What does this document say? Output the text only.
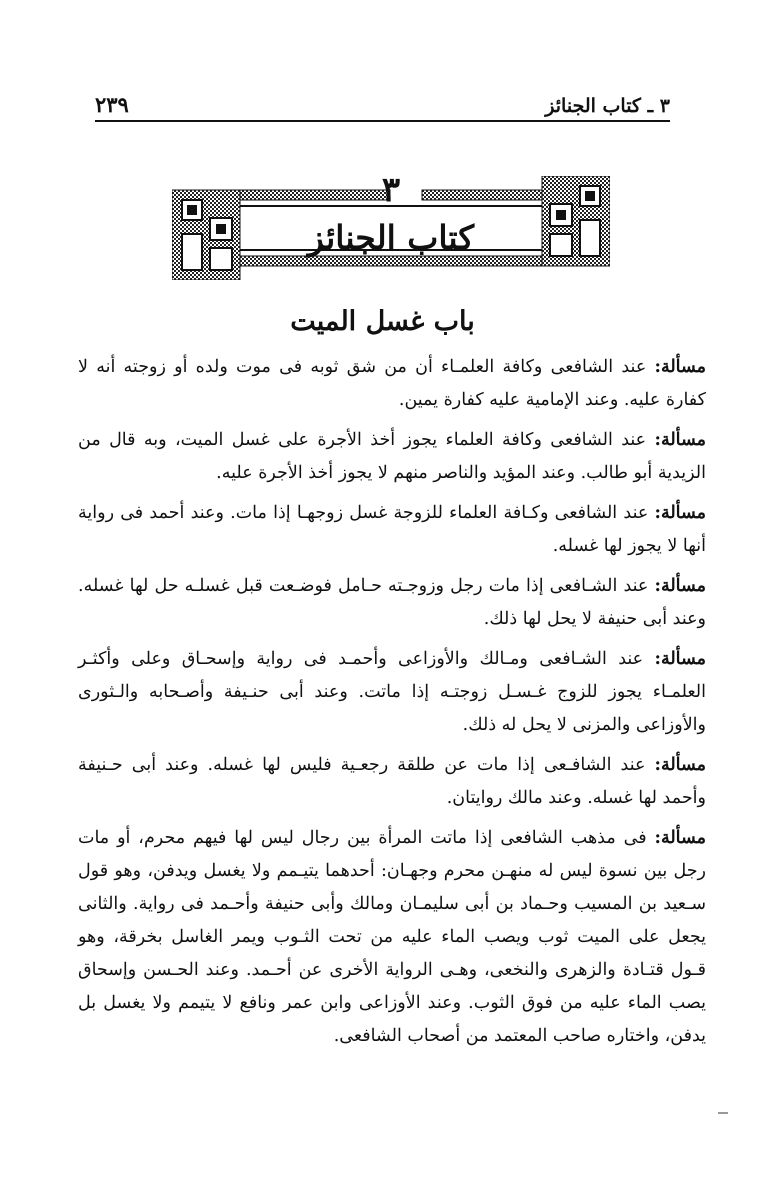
٣ ـ كتاب الجنائز
٢٣٩
٣
كتاب الجنائز
باب غسل الميت

مسألة: عند الشافعى وكافة العلمـاء أن من شق ثوبه فى موت ولده أو زوجته أنه لا كفارة عليه. وعند الإمامية عليه كفارة يمين.

مسألة: عند الشافعى وكافة العلماء يجوز أخذ الأجرة على غسل الميت، وبه قال من الزيدية أبو طالب. وعند المؤيد والناصر منهم لا يجوز أخذ الأجرة عليه.

مسألة: عند الشافعى وكـافة العلماء للزوجة غسل زوجهـا إذا مات. وعند أحمد فى رواية أنها لا يجوز لها غسله.

مسألة: عند الشـافعى إذا مات رجل وزوجـته حـامل فوضـعت قبل غسلـه حل لها غسله. وعند أبى حنيفة لا يحل لها ذلك.

مسألة: عند الشـافعى ومـالك والأوزاعى وأحمـد فى رواية وإسحـاق وعلى وأكثـر العلمـاء يجوز للزوج غـسـل زوجتـه إذا ماتت. وعند أبى حنـيفة وأصـحابه والـثورى والأوزاعى والمزنى لا يحل له ذلك.

مسألة: عند الشافـعى إذا مات عن طلقة رجعـية فليس لها غسله. وعند أبى حـنيفة وأحمد لها غسله. وعند مالك روايتان.

مسألة: فى مذهب الشافعى إذا ماتت المرأة بين رجال ليس لها فيهم محرم، أو مات رجل بين نسوة ليس له منهـن محرم وجهـان: أحدهما يتيـمم ولا يغسل ويدفن، وهو قول سـعيد بن المسيب وحـماد بن أبى سليمـان ومالك وأبى حنيفة وأحـمد فى رواية. والثانى يجعل على الميت ثوب ويصب الماء عليه من تحت الثـوب ويمر الغاسل بخرقة، وهو قـول قتـادة والزهرى والنخعى، وهـى الرواية الأخرى عن أحـمد. وعند الحـسن وإسحاق يصب الماء عليه من فوق الثوب. وعند الأوزاعى وابن عمر ونافع لا يتيمم ولا يغسل بل يدفن، واختاره صاحب المعتمد من أصحاب الشافعى.
